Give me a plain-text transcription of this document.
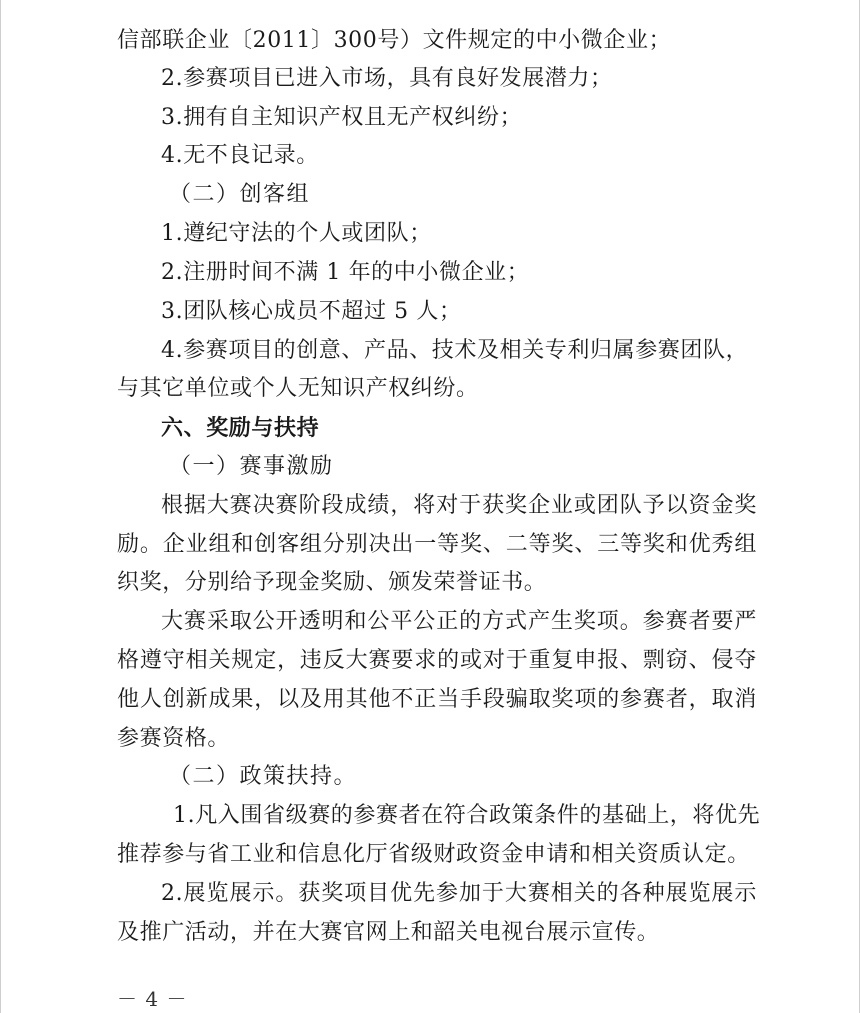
信部联企业〔2011〕300号）文件规定的中小微企业；
2.参赛项目已进入市场，具有良好发展潜力；
3.拥有自主知识产权且无产权纠纷；
4.无不良记录。
（二）创客组
1.遵纪守法的个人或团队；
2.注册时间不满 1 年的中小微企业；
3.团队核心成员不超过 5 人；
4.参赛项目的创意、产品、技术及相关专利归属参赛团队，
与其它单位或个人无知识产权纠纷。
六、奖励与扶持
（一）赛事激励
根据大赛决赛阶段成绩，将对于获奖企业或团队予以资金奖
励。企业组和创客组分别决出一等奖、二等奖、三等奖和优秀组
织奖，分别给予现金奖励、颁发荣誉证书。
大赛采取公开透明和公平公正的方式产生奖项。参赛者要严
格遵守相关规定，违反大赛要求的或对于重复申报、剽窃、侵夺
他人创新成果，以及用其他不正当手段骗取奖项的参赛者，取消
参赛资格。
（二）政策扶持。
1.凡入围省级赛的参赛者在符合政策条件的基础上，将优先
推荐参与省工业和信息化厅省级财政资金申请和相关资质认定。
2.展览展示。获奖项目优先参加于大赛相关的各种展览展示
及推广活动，并在大赛官网上和韶关电视台展示宣传。
－ 4 －
